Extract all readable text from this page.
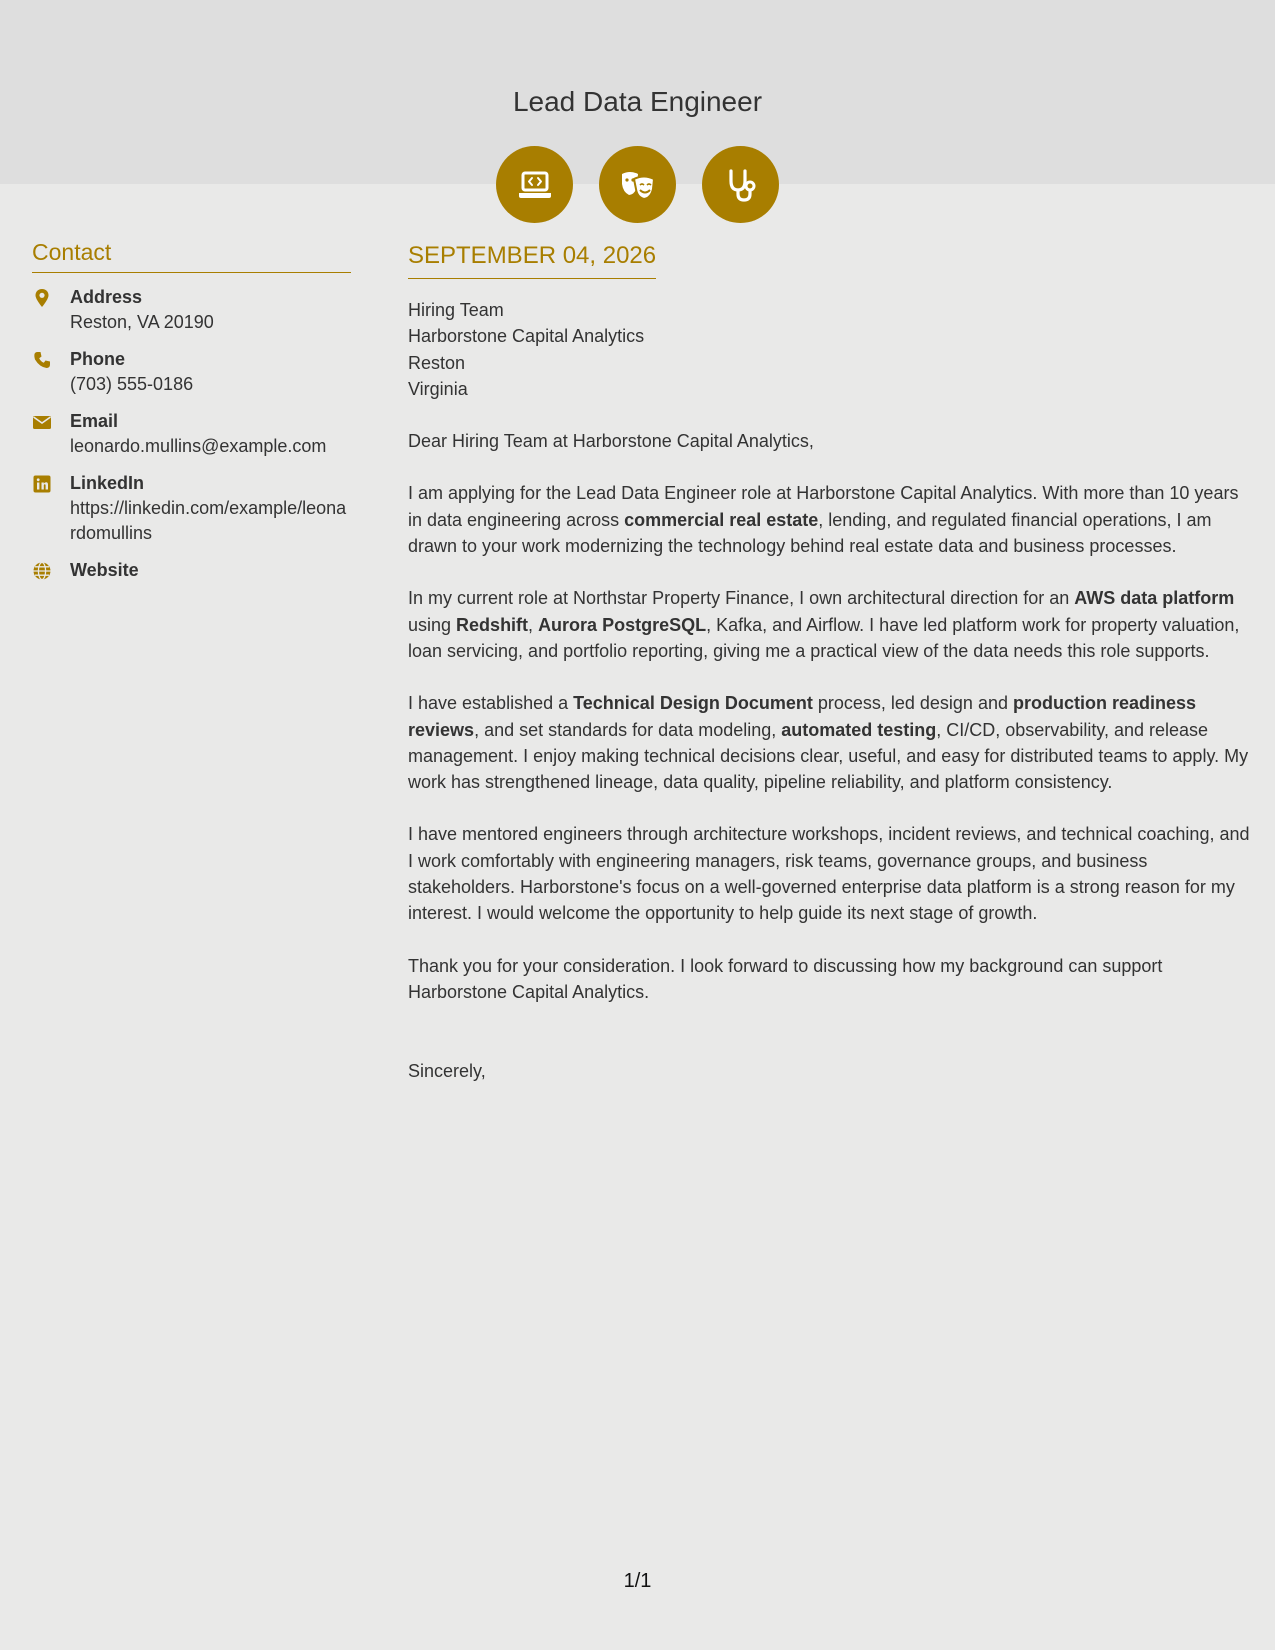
Lead Data Engineer
Contact
Address
Reston, VA 20190
Phone
(703) 555-0186
Email
leonardo.mullins@example.com
LinkedIn
https://linkedin.com/example/leonardomullins
Website
SEPTEMBER 04, 2026
Hiring Team
Harborstone Capital Analytics
Reston
Virginia

Dear Hiring Team at Harborstone Capital Analytics,

I am applying for the Lead Data Engineer role at Harborstone Capital Analytics. With more than 10 years in data engineering across commercial real estate, lending, and regulated financial operations, I am drawn to your work modernizing the technology behind real estate data and business processes.

In my current role at Northstar Property Finance, I own architectural direction for an AWS data platform using Redshift, Aurora PostgreSQL, Kafka, and Airflow. I have led platform work for property valuation, loan servicing, and portfolio reporting, giving me a practical view of the data needs this role supports.

I have established a Technical Design Document process, led design and production readiness reviews, and set standards for data modeling, automated testing, CI/CD, observability, and release management. I enjoy making technical decisions clear, useful, and easy for distributed teams to apply. My work has strengthened lineage, data quality, pipeline reliability, and platform consistency.

I have mentored engineers through architecture workshops, incident reviews, and technical coaching, and I work comfortably with engineering managers, risk teams, governance groups, and business stakeholders. Harborstone's focus on a well-governed enterprise data platform is a strong reason for my interest. I would welcome the opportunity to help guide its next stage of growth.

Thank you for your consideration. I look forward to discussing how my background can support Harborstone Capital Analytics.

Sincerely,
1/1
